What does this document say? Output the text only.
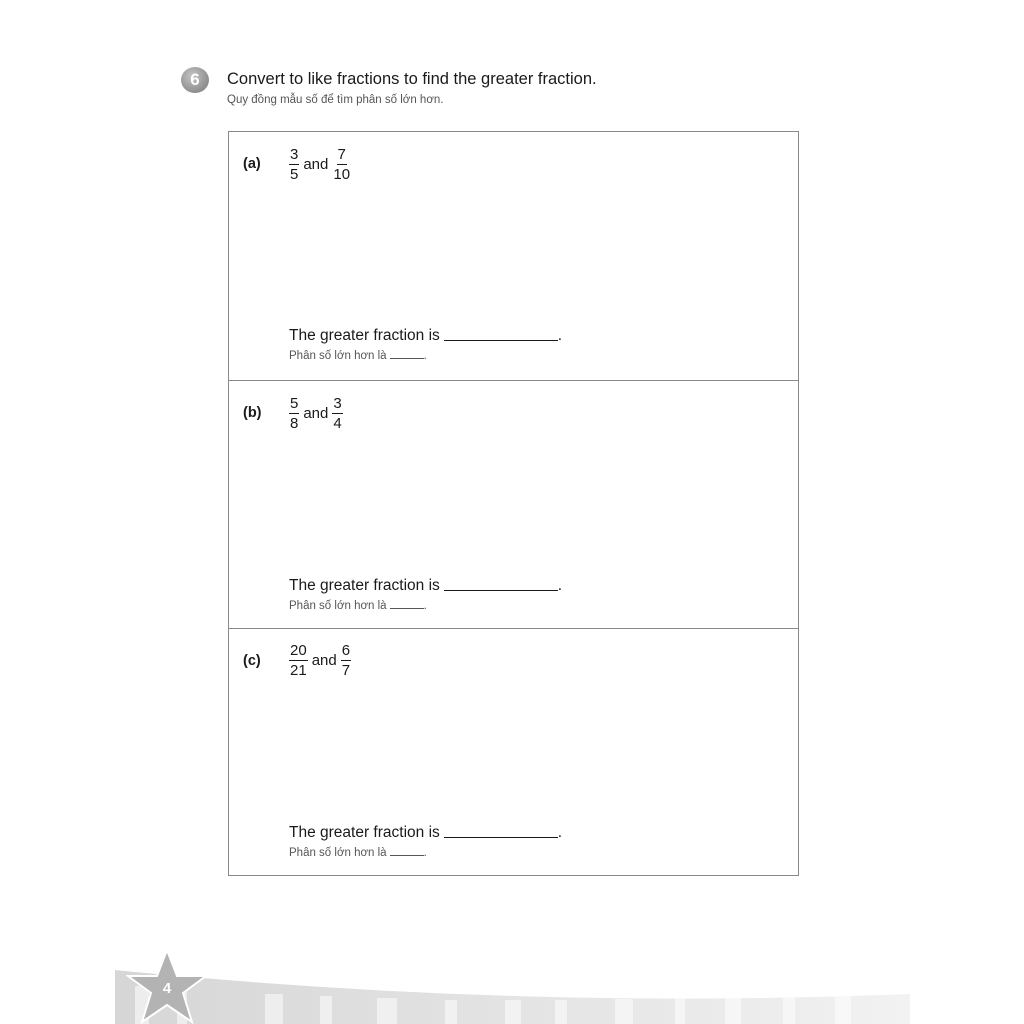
6 Convert to like fractions to find the greater fraction.
Quy đồng mẫu số để tìm phân số lớn hơn.
$(a) \frac{3}{5}$ and $\frac{7}{10}$
The greater fraction is	.
Phân số lớn hơn là	.
$(b) \frac{5}{8}$ and $\frac{3}{4}$
The greater fraction is	.
Phân số lớn hơn là	.
$(c) \frac{20}{21}$ and $\frac{6}{7}$
The greater fraction is	.
Phân số lớn hơn là	.
4
